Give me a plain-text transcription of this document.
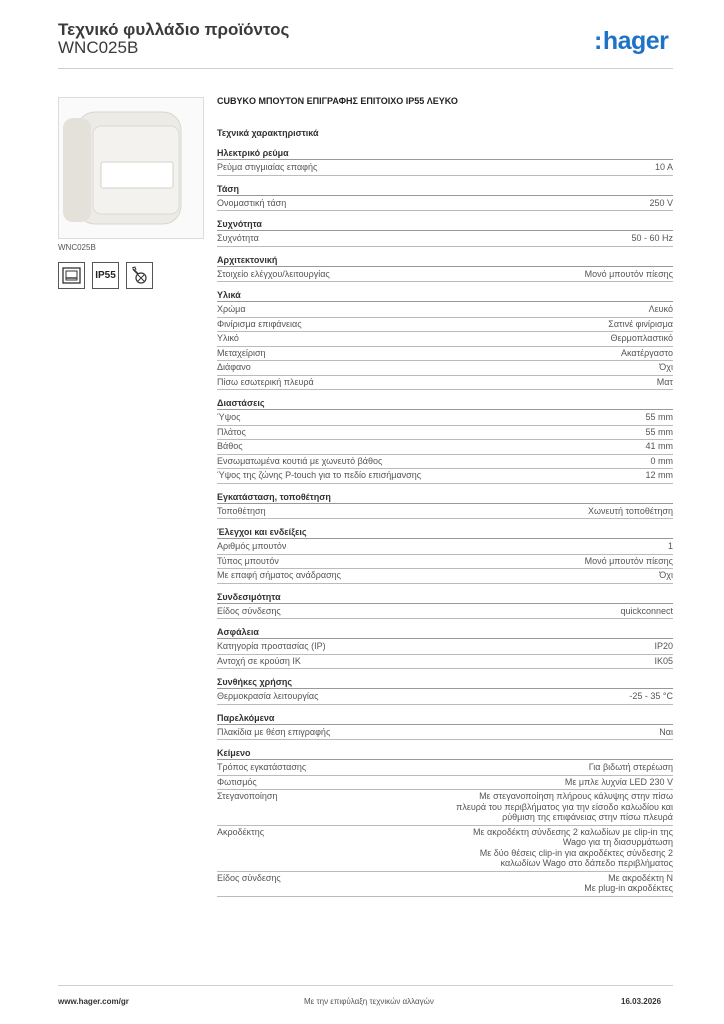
Τεχνικό φυλλάδιο προϊόντος
WNC025B	:hager
WNC025B
IP55
CUBYKO ΜΠΟΥΤΟΝ ΕΠΙΓΡΑΦΗΣ ΕΠΙΤΟΙΧΟ IP55 ΛΕΥΚΟ
Τεχνικά χαρακτηριστικά
Ηλεκτρικό ρεύμα
Ρεύμα στιγμιαίας επαφής	10 A
Τάση
Ονομαστική τάση	250 V
Συχνότητα
Συχνότητα	50 - 60 Hz
Αρχιτεκτονική
Στοιχείο ελέγχου/λειτουργίας	Μονό μπουτόν πίεσης
Υλικά
Χρώμα	Λευκό
Φινίρισμα επιφάνειας	Σατινέ φινίρισμα
Υλικό	Θερμοπλαστικό
Μεταχείριση	Ακατέργαστο
Διάφανο	Όχι
Πίσω εσωτερική πλευρά	Ματ
Διαστάσεις
Ύψος	55 mm
Πλάτος	55 mm
Βάθος	41 mm
Ενσωματωμένα κουτιά με χωνευτό βάθος	0 mm
Ύψος της ζώνης P-touch για το πεδίο επισήμανσης	12 mm
Εγκατάσταση, τοποθέτηση
Τοποθέτηση	Χωνευτή τοποθέτηση
Έλεγχοι και ενδείξεις
Αριθμός μπουτόν	1
Τύπος μπουτόν	Μονό μπουτόν πίεσης
Με επαφή σήματος ανάδρασης	Όχι
Συνδεσιμότητα
Είδος σύνδεσης	quickconnect
Ασφάλεια
Κατηγορία προστασίας (IP)	IP20
Αντοχή σε κρούση IK	IK05
Συνθήκες χρήσης
Θερμοκρασία λειτουργίας	-25 - 35 °C
Παρελκόμενα
Πλακίδια με θέση επιγραφής	Ναι
Κείμενο
Τρόπος εγκατάστασης	Για βιδωτή στερέωση
Φωτισμός	Με μπλε λυχνία LED 230 V
Στεγανοποίηση	Με στεγανοποίηση πλήρους κάλυψης στην πίσω
πλευρά του περιβλήματος για την είσοδο καλωδίου και
ρύθμιση της επιφάνειας στην πίσω πλευρά
Ακροδέκτης	Με ακροδέκτη σύνδεσης 2 καλωδίων με clip-in της
Wago για τη διασυρμάτωση
Με δύο θέσεις clip-in για ακροδέκτες σύνδεσης 2
καλωδίων Wago στο δάπεδο περιβλήματος
Είδος σύνδεσης	Με ακροδέκτη N
Με plug-in ακροδέκτες
www.hager.com/gr	Με την επιφύλαξη τεχνικών αλλαγών	16.03.2026
